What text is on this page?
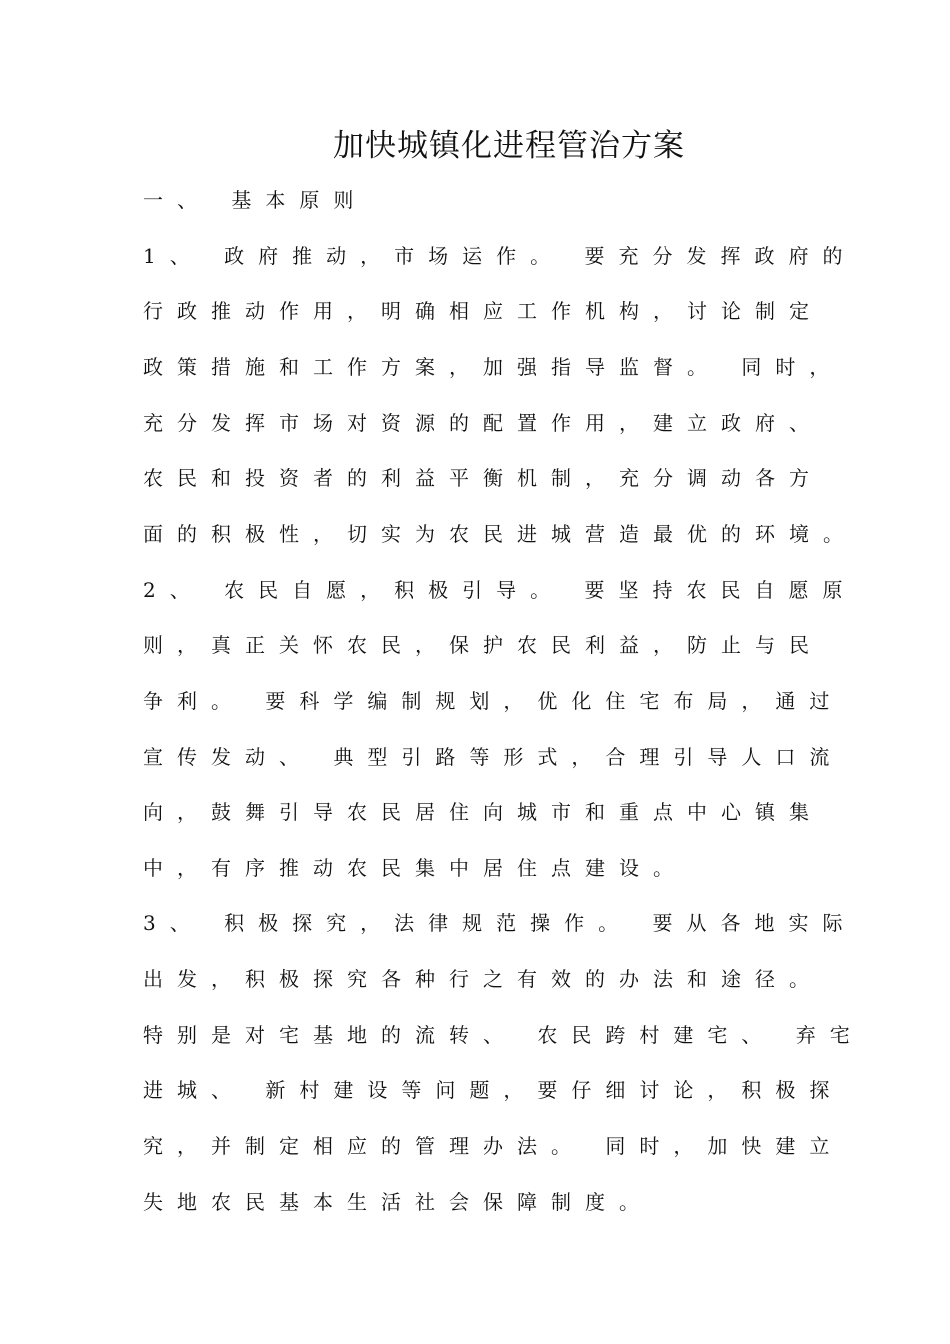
加快城镇化进程管治方案
一、 基本原则
1、 政府推动，市场运作。 要充分发挥政府的
行政推动作用，明确相应工作机构，讨论制定
政策措施和工作方案，加强指导监督。 同时，
充分发挥市场对资源的配置作用，建立政府、
农民和投资者的利益平衡机制，充分调动各方
面的积极性，切实为农民进城营造最优的环境。
2、 农民自愿，积极引导。 要坚持农民自愿原
则，真正关怀农民，保护农民利益，防止与民
争利。 要科学编制规划，优化住宅布局，通过
宣传发动、 典型引路等形式，合理引导人口流
向，鼓舞引导农民居住向城市和重点中心镇集
中，有序推动农民集中居住点建设。
3、 积极探究，法律规范操作。 要从各地实际
出发，积极探究各种行之有效的办法和途径。
特别是对宅基地的流转、 农民跨村建宅、 弃宅
进城、 新村建设等问题，要仔细讨论，积极探
究，并制定相应的管理办法。 同时，加快建立
失地农民基本生活社会保障制度。
